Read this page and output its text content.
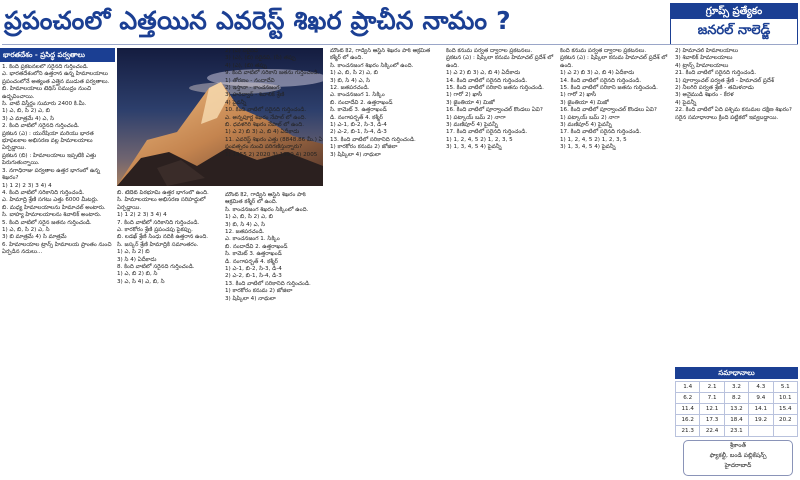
ప్రపంచంలో ఎత్తయిన ఎవరెస్ట్ శిఖర ప్రాచీన నామం ?	గ్రూప్స్ ప్రత్యేకం
జనరల్ నాలెడ్జ్
భారతదేశం - ప్రసిద్ధ పర్వతాలు

1. కింది ప్రకటనలలో సరైనది గుర్తించండి.
ఎ. భారతదేశంలోని ఉత్తరాన ఉన్న హిమాలయాలు ప్రపంచంలోనే అత్యంత ఎత్తైన ముడుత పర్వతాలు.
బి. హిమాలయాలు టెథిస్ సముద్రం నుంచి ఉద్భవించాయి.
సి. వాటి విస్తీర్ణం సుమారు 2400 కి.మీ.
1) ఎ, బి, సి 2) ఎ, బి
3) ఎ మాత్రమే 4) ఎ, సి
2. కింది వాటిలో సరైనది గుర్తించండి.
ప్రకటన (ఎ) : యురేషియా మరియు భారత భూఫలకాల అభిసరణ వల్ల హిమాలయాలు ఏర్పడ్డాయి.
ప్రకటన (బి) : హిమాలయాలు ఇప్పటికి ఎత్తు పెరుగుతున్నాయి.
3. నగాధిరాజు పర్వతాల ఉత్తర భాగంలో ఉన్న శిఖరం?
1) 1 2) 2 3) 3 4) 4
4. కింది వాటిలో సరికానిది గుర్తించండి.
ఎ. హిమాద్రి శ్రేణి సగటు ఎత్తు 6000 మీటర్లు.
బి. మధ్య హిమాలయాలను హిమాచల్ అంటారు.
సి. బాహ్య హిమాలయాలను శివాలిక్ అంటారు.
5. కింది వాటిలో సరైన జతను గుర్తించండి.
1) ఎ, బి, సి 2) ఎ, సి
3) బి మాత్రమే 4) సి మాత్రమే
6. హిమాలయాల ట్రాన్స్ హిమాలయ ప్రాంతం నుంచి ఏర్పడిన నదులు...

బి. టిబెట్ పీఠభూమి ఉత్తర భాగంలో ఉంది.
సి. హిమాలయాలు అభిసరణ సరిహద్దులో ఏర్పడ్డాయి.
1) 1 2) 2 3) 3 4) 4
7. కింది వాటిలో సరికానిది గుర్తించండి.
ఎ. కారకోరం శ్రేణి ప్రపంచపు పైకప్పు.
బి. లడఖ్ శ్రేణి సింధు నదికి ఉత్తరాన ఉంది.
సి. జస్కర్ శ్రేణి హిమాద్రికి సమాంతరం.
1) ఎ, సి 2) బి
3) సి 4) ఏదీకాదు
8. కింది వాటిలో సరైనది గుర్తించండి.
1) ఎ, బి 2) బి, సి
3) ఎ, సి 4) ఎ, బి, సి

2) (ఎ) సరైనది
3) (ఎ), (బి) సరైనవి, (సి) తప్పు
4) (ఎ), (బి) తప్పు
9. కింది వాటిలో సరికాని జతను గుర్తించండి.
1) తోరణం - నందాదేవి
2) ఇస్తానా - కాంచనజంగ
3) హరిద్వార్ - శివాలిక్ శ్రేణి
4) పైవన్నీ
10. కింది వాటిలో సరైనది గుర్తించండి.
ఎ. అన్నపూర్ణ శిఖరం నేపాల్ లో ఉంది.
బి. ధవళగిరి శిఖరం నేపాల్ లో ఉంది.
1) ఎ 2) బి 3) ఎ, బి 4) ఏదీకాదు
11. ఎవరెస్ట్ శిఖరం ఎత్తు (8848.86 మీ.) ఏ సంవత్సరం నుంచి పరిగణిస్తున్నారు?
1) 1955 2) 2020 3) 1999 4) 2005

మౌంట్ కే2, గాడ్విన్ ఆస్టిన్ శిఖరం పాక్ ఆక్రమిత కశ్మీర్ లో ఉంది.
సి. కాంచనజంగ శిఖరం సిక్కింలో ఉంది.
1) ఎ, బి, సి 2) ఎ, బి
3) బి, సి 4) ఎ, సి
12. జతపరచండి.
ఎ. కాంచనజంగ 1. సిక్కిం
బి. నందాదేవి 2. ఉత్తరాఖండ్
సి. కామెట్ 3. ఉత్తరాఖండ్
డి. నంగాపర్బత్ 4. కశ్మీర్
1) ఎ-1, బి-2, సి-3, డి-4
2) ఎ-2, బి-1, సి-4, డి-3
13. కింది వాటిలో సరికానిది గుర్తించండి.
1) కారకోరం కనుమ 2) జోజిలా
3) షిప్కిలా 4) నాథులా

మౌంట్ కే2, గాడ్విన్ ఆస్టిన్ శిఖరం పాక్ ఆక్రమిత కశ్మీర్ లో ఉంది.
సి. కాంచనజంగ శిఖరం సిక్కింలో ఉంది.
1) ఎ, బి, సి 2) ఎ, బి
3) బి, సి 4) ఎ, సి
12. జతపరచండి.
ఎ. కాంచనజంగ 1. సిక్కిం
బి. నందాదేవి 2. ఉత్తరాఖండ్
సి. కామెట్ 3. ఉత్తరాఖండ్
డి. నంగాపర్బత్ 4. కశ్మీర్
1) ఎ-1, బి-2, సి-3, డి-4
2) ఎ-2, బి-1, సి-4, డి-3
13. కింది వాటిలో సరికానిది గుర్తించండి.
1) కారకోరం కనుమ 2) జోజిలా
3) షిప్కిలా 4) నాథులా

కింది కనుమ పర్వత ద్వారాల ప్రకటనలు.
ప్రకటన (ఎ) : షిప్కిలా కనుమ హిమాచల్ ప్రదేశ్ లో ఉంది.
1) ఎ 2) బి 3) ఎ, బి 4) ఏదీకాదు
14. కింది వాటిలో సరైనది గుర్తించండి.
15. కింది వాటిలో సరికాని జతను గుర్తించండి.
1) గారో 2) ఖాసీ
3) జైంతియా 4) మిజో
16. కింది వాటిలో పూర్వాంచల్ కొండలు ఏవి?
1) పట్కాయ్ బమ్ 2) నాగా
3) మణిపూర్ 4) పైవన్నీ
17. కింది వాటిలో సరైనది గుర్తించండి.
1) 1, 2, 4, 5 2) 1, 2, 3, 5
3) 1, 3, 4, 5 4) పైవన్నీ

కింది కనుమ పర్వత ద్వారాల ప్రకటనలు.
ప్రకటన (ఎ) : షిప్కిలా కనుమ హిమాచల్ ప్రదేశ్ లో ఉంది.
1) ఎ 2) బి 3) ఎ, బి 4) ఏదీకాదు
14. కింది వాటిలో సరైనది గుర్తించండి.
15. కింది వాటిలో సరికాని జతను గుర్తించండి.
1) గారో 2) ఖాసీ
3) జైంతియా 4) మిజో
16. కింది వాటిలో పూర్వాంచల్ కొండలు ఏవి?
1) పట్కాయ్ బమ్ 2) నాగా
3) మణిపూర్ 4) పైవన్నీ
17. కింది వాటిలో సరైనది గుర్తించండి.
1) 1, 2, 4, 5 2) 1, 2, 3, 5
3) 1, 3, 4, 5 4) పైవన్నీ

2) హిమాచల్ హిమాలయాలు
3) శివాలిక్ హిమాలయాలు
4) ట్రాన్స్ హిమాలయాలు
21. కింది వాటిలో సరైనది గుర్తించండి.
1) పూర్వాంచల్ పర్వత శ్రేణి - హిమాచల్ ప్రదేశ్
2) నీలగిరి పర్వత శ్రేణి - తమిళనాడు
3) అనైముడి శిఖరం - కేరళ
4) పైవన్నీ
22. కింది వాటిలో ఏది పశ్చిమ కనుమల దక్షిణ శిఖరం?
సరైన సమాధానాలు క్రింది పట్టికలో ఇవ్వబడ్డాయి.

సమాధానాలు
1.4	2.1	3.2	4.3	5.1
6.2	7.1	8.2	9.4	10.1
11.4	12.1	13.2	14.1	15.4
16.2	17.3	18.4	19.2	20.2
21.3	22.4	23.1		
శ్రీకాంత్
ఫ్యాకల్టీ, బండి పబ్లికేషన్స్
హైదరాబాద్
